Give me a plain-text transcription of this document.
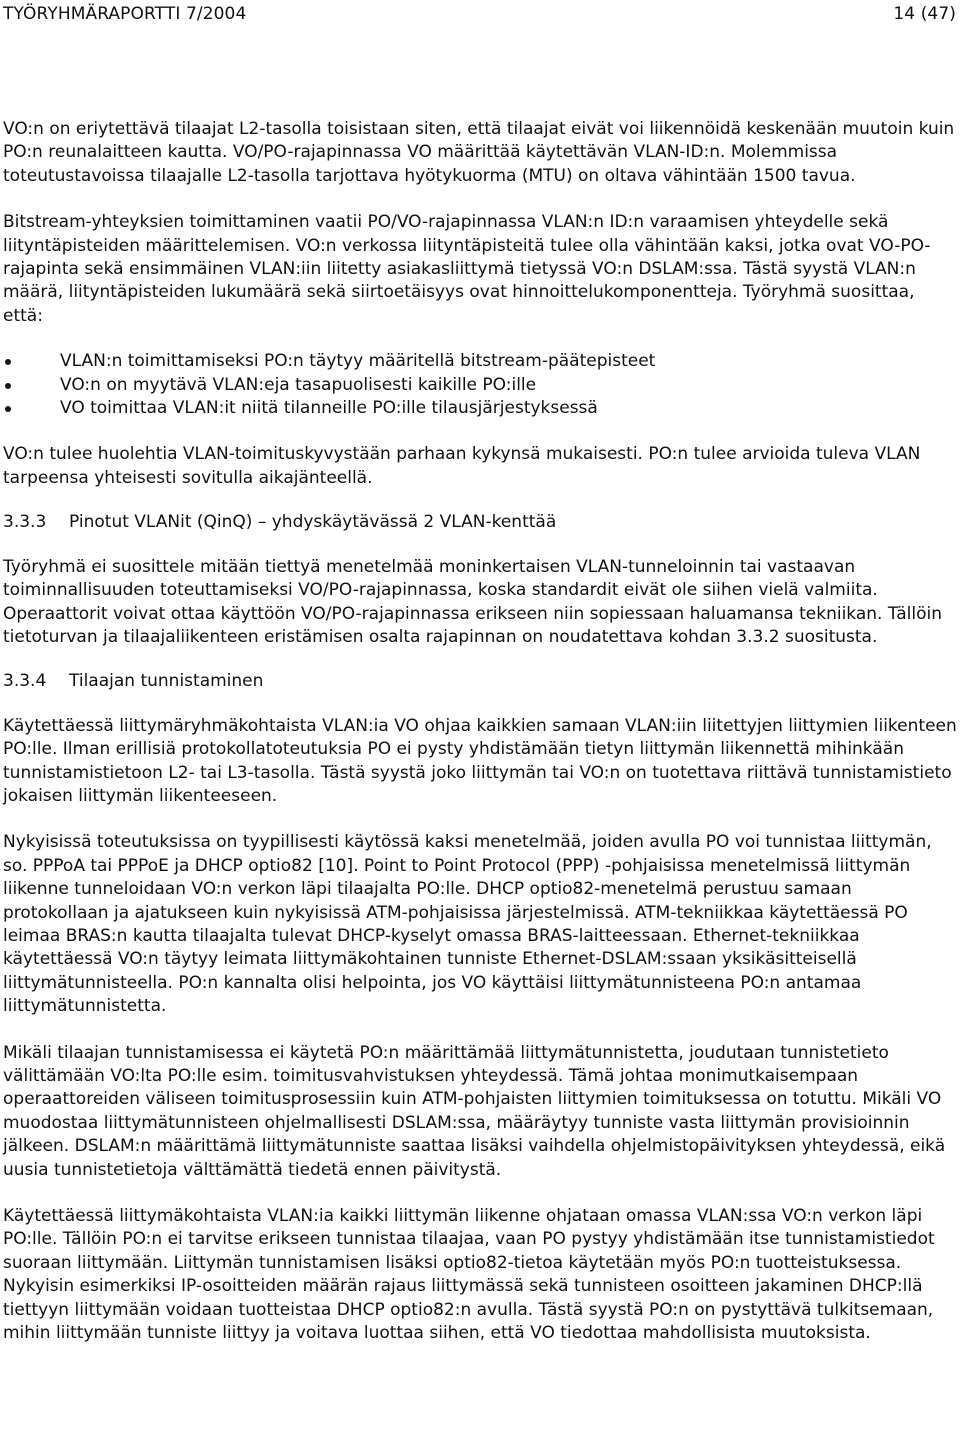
TYÖRYHMÄRAPORTTI 7/2004	14 (47)

VO:n on eriytettävä tilaajat L2-tasolla toisistaan siten, että tilaajat eivät voi liikennöidä keskenään muutoin kuin PO:n reunalaitteen kautta. VO/PO-rajapinnassa VO määrittää käytettävän VLAN-ID:n. Molemmissa toteutustavoissa tilaajalle L2-tasolla tarjottava hyötykuorma (MTU) on oltava vähintään 1500 tavua.

Bitstream-yhteyksien toimittaminen vaatii PO/VO-rajapinnassa VLAN:n ID:n varaamisen yhteydelle sekä liityntäpisteiden määrittelemisen. VO:n verkossa liityntäpisteitä tulee olla vähintään kaksi, jotka ovat VO-PO-rajapinta sekä ensimmäinen VLAN:iin liitetty asiakasliittymä tietyssä VO:n DSLAM:ssa. Tästä syystä VLAN:n määrä, liityntäpisteiden lukumäärä sekä siirtoetäisyys ovat hinnoittelukomponentteja. Työryhmä suosittaa, että:

VLAN:n toimittamiseksi PO:n täytyy määritellä bitstream-päätepisteet
VO:n on myytävä VLAN:eja tasapuolisesti kaikille PO:ille
VO toimittaa VLAN:it niitä tilanneille PO:ille tilausjärjestyksessä

VO:n tulee huolehtia VLAN-toimituskyvystään parhaan kykynsä mukaisesti. PO:n tulee arvioida tuleva VLAN tarpeensa yhteisesti sovitulla aikajänteellä.

3.3.3 Pinotut VLANit (QinQ) – yhdyskäytävässä 2 VLAN-kenttää

Työryhmä ei suosittele mitään tiettyä menetelmää moninkertaisen VLAN-tunneloinnin tai vastaavan toiminnallisuuden toteuttamiseksi VO/PO-rajapinnassa, koska standardit eivät ole siihen vielä valmiita. Operaattorit voivat ottaa käyttöön VO/PO-rajapinnassa erikseen niin sopiessaan haluamansa tekniikan. Tällöin tietoturvan ja tilaajaliikenteen eristämisen osalta rajapinnan on noudatettava kohdan 3.3.2 suositusta.

3.3.4 Tilaajan tunnistaminen

Käytettäessä liittymäryhmäkohtaista VLAN:ia VO ohjaa kaikkien samaan VLAN:iin liitettyjen liittymien liikenteen PO:lle. Ilman erillisiä protokollatoteutuksia PO ei pysty yhdistämään tietyn liittymän liikennettä mihinkään tunnistamistietoon L2- tai L3-tasolla. Tästä syystä joko liittymän tai VO:n on tuotettava riittävä tunnistamistieto jokaisen liittymän liikenteeseen.

Nykyisissä toteutuksissa on tyypillisesti käytössä kaksi menetelmää, joiden avulla PO voi tunnistaa liittymän, so. PPPoA tai PPPoE ja DHCP optio82 [10]. Point to Point Protocol (PPP) -pohjaisissa menetelmissä liittymän liikenne tunneloidaan VO:n verkon läpi tilaajalta PO:lle. DHCP optio82-menetelmä perustuu samaan protokollaan ja ajatukseen kuin nykyisissä ATM-pohjaisissa järjestelmissä. ATM-tekniikkaa käytettäessä PO leimaa BRAS:n kautta tilaajalta tulevat DHCP-kyselyt omassa BRAS-laitteessaan. Ethernet-tekniikkaa käytettäessä VO:n täytyy leimata liittymäkohtainen tunniste Ethernet-DSLAM:ssaan yksikäsitteisellä liittymätunnisteella. PO:n kannalta olisi helpointa, jos VO käyttäisi liittymätunnisteena PO:n antamaa liittymätunnistetta.

Mikäli tilaajan tunnistamisessa ei käytetä PO:n määrittämää liittymätunnistetta, joudutaan tunnistetieto välittämään VO:lta PO:lle esim. toimitusvahvistuksen yhteydessä. Tämä johtaa monimutkaisempaan operaattoreiden väliseen toimitusprosessiin kuin ATM-pohjaisten liittymien toimituksessa on totuttu. Mikäli VO muodostaa liittymätunnisteen ohjelmallisesti DSLAM:ssa, määräytyy tunniste vasta liittymän provisioinnin jälkeen. DSLAM:n määrittämä liittymätunniste saattaa lisäksi vaihdella ohjelmistopäivityksen yhteydessä, eikä uusia tunnistetietoja välttämättä tiedetä ennen päivitystä.

Käytettäessä liittymäkohtaista VLAN:ia kaikki liittymän liikenne ohjataan omassa VLAN:ssa VO:n verkon läpi PO:lle. Tällöin PO:n ei tarvitse erikseen tunnistaa tilaajaa, vaan PO pystyy yhdistämään itse tunnistamistiedot suoraan liittymään. Liittymän tunnistamisen lisäksi optio82-tietoa käytetään myös PO:n tuotteistuksessa. Nykyisin esimerkiksi IP-osoitteiden määrän rajaus liittymässä sekä tunnisteen osoitteen jakaminen DHCP:llä tiettyyn liittymään voidaan tuotteistaa DHCP optio82:n avulla. Tästä syystä PO:n on pystyttävä tulkitsemaan, mihin liittymään tunniste liittyy ja voitava luottaa siihen, että VO tiedottaa mahdollisista muutoksista.
